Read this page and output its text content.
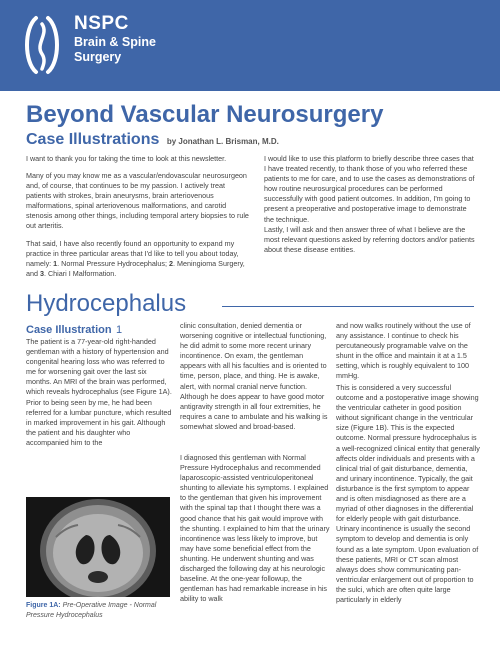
NSPC
Brain & Spine
Surgery
Beyond Vascular Neurosurgery
Case Illustrations by Jonathan L. Brisman, M.D.

I want to thank you for taking the time to look at this newsletter.

Many of you may know me as a vascular/endovascular neurosurgeon and, of course, that continues to be my passion. I actively treat patients with strokes, brain aneurysms, brain arteriovenous malformations, spinal arteriovenous malformations, and carotid stenosis among other things, including temporal artery biopsies to rule out arteritis.

That said, I have also recently found an opportunity to expand my practice in three particular areas that I'd like to tell you about today, namely: 1. Normal Pressure Hydrocephalus; 2. Meningioma Surgery, and 3. Chiari I Malformation.

I would like to use this platform to briefly describe three cases that I have treated recently, to thank those of you who referred these patients to me for care, and to use the cases as demonstrations of how routine neurosurgical procedures can be performed successfully with good patient outcomes. In addition, I'm going to present a preoperative and postoperative image to demonstrate the technique.

Lastly, I will ask and then answer three of what I believe are the most relevant questions asked by referring doctors and/or patients about these disease entities.

Hydrocephalus
Case Illustration 1

The patient is a 77-year-old right-handed gentleman with a history of hypertension and congenital hearing loss who was referred to me for worsening gait over the last six months. An MRI of the brain was performed, which reveals hydrocephalus (see Figure 1A). Prior to being seen by me, he had been referred for a lumbar puncture, which resulted in marked improvement in his gait. Although the patient and his daughter who accompanied him to the

Figure 1A: Pre-Operative Image - Normal Pressure Hydrocephalus

clinic consultation, denied dementia or worsening cognitive or intellectual functioning, he did admit to some more recent urinary incontinence. On exam, the gentleman appears with all his faculties and is oriented to time, person, place, and thing. He is awake, alert, with normal cranial nerve function. Although he does appear to have good motor antigravity strength in all four extremities, he requires a cane to ambulate and his walking is somewhat slowed and broad-based.

I diagnosed this gentleman with Normal Pressure Hydrocephalus and recommended laparoscopic-assisted ventriculoperitoneal shunting to alleviate his symptoms. I explained to the gentleman that given his improvement with the spinal tap that I thought there was a good chance that his gait would improve with the shunting. I explained to him that the urinary incontinence was less likely to improve, but may have some beneficial effect from the shunting. He underwent shunting and was discharged the following day at his neurologic baseline. At the one-year followup, the gentleman has had remarkable increase in his ability to walk

and now walks routinely without the use of any assistance. I continue to check his percutaneously programable valve on the shunt in the office and maintain it at a 1.5 setting, which is roughly equivalent to 100 mmHg.

This is considered a very successful outcome and a postoperative image showing the ventricular catheter in good position without significant change in the ventricular size (Figure 1B). This is the expected outcome. Normal pressure hydrocephalus is a well-recognized clinical entity that generally affects older individuals and presents with a clinical trial of gait disturbance, dementia, and urinary incontinence. Typically, the gait disturbance is the first symptom to appear and is often misdiagnosed as there are a myriad of other diagnoses in the differential for elderly people with gait disturbance. Urinary incontinence is usually the second symptom to develop and dementia is only found as a late symptom. Upon evaluation of these patients, MRI or CT scan almost always does show communicating pan-ventricular enlargement out of proportion to the sulci, which are often quite large particularly in elderly
